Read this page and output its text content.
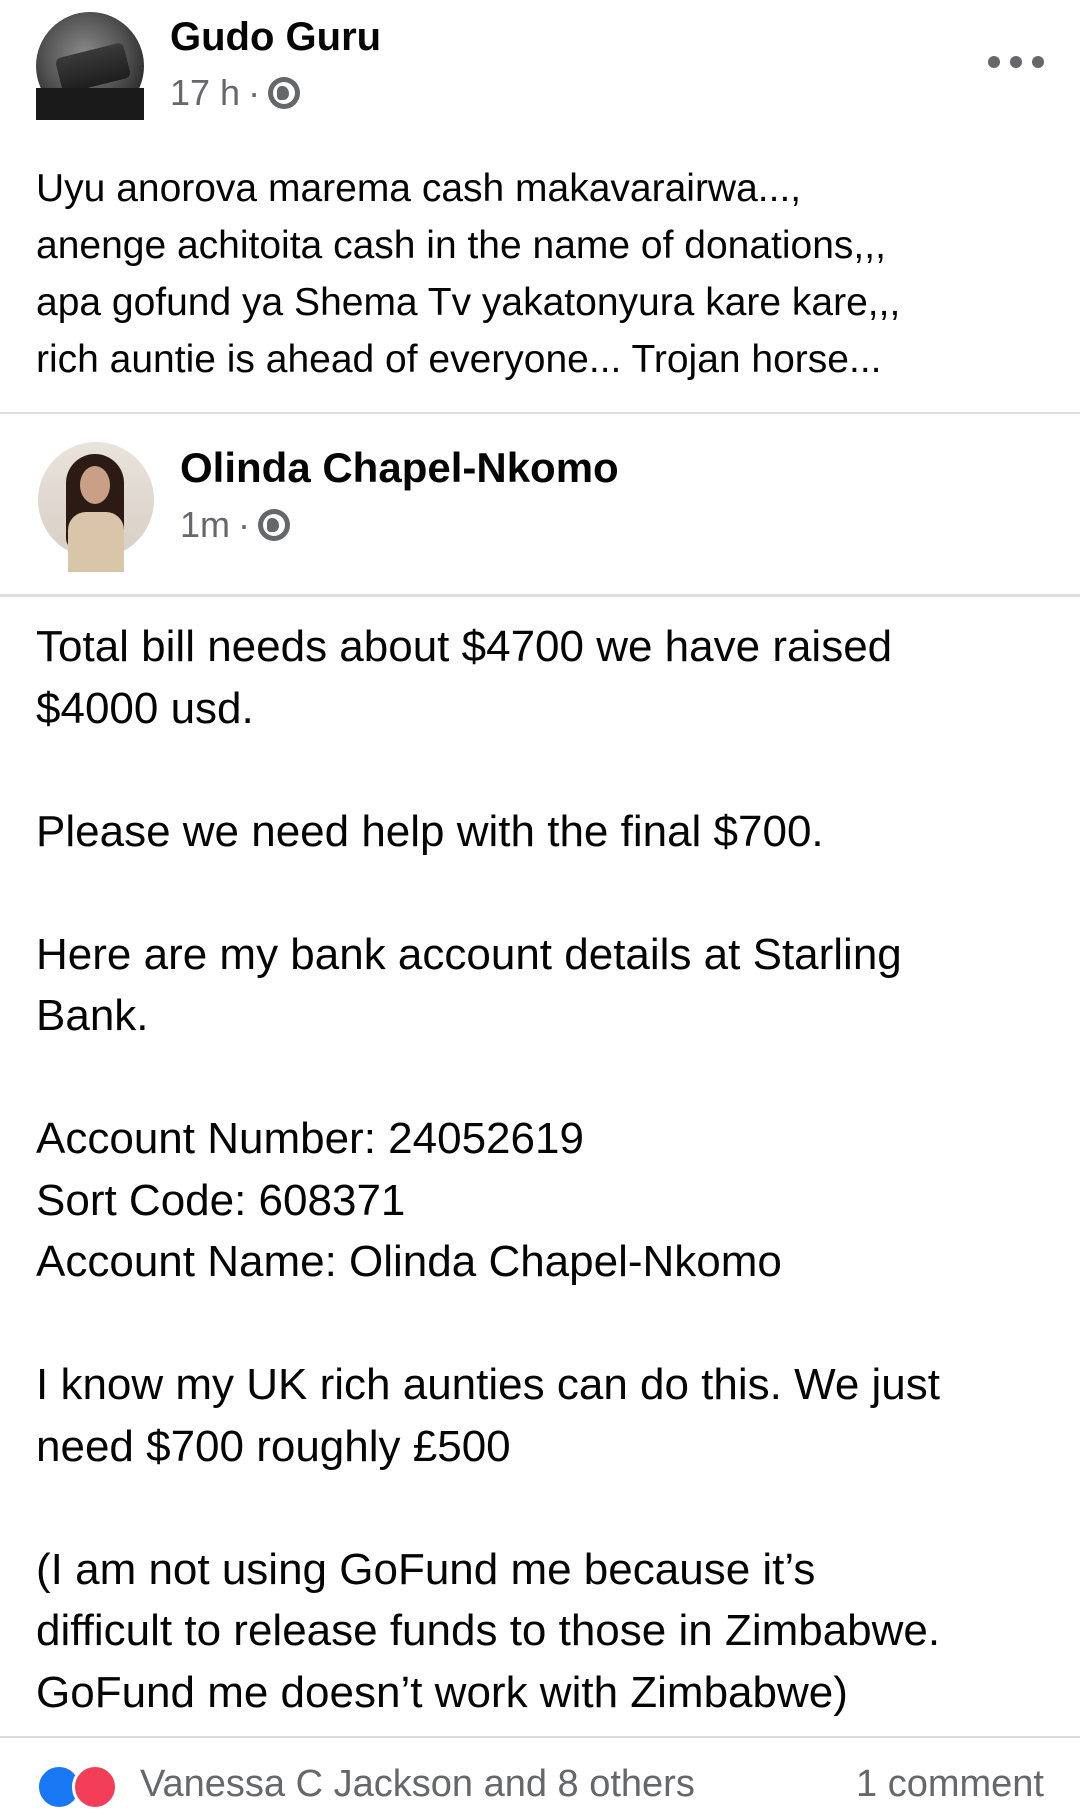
Gudo Guru
17 h ·

Uyu anorova marema cash makavarairwa...,
anenge achitoita cash in the name of donations,,,
apa gofund ya Shema Tv yakatonyura kare kare,,,
rich auntie is ahead of everyone... Trojan horse...

Olinda Chapel-Nkomo
1m ·

Total bill needs about $4700 we have raised
$4000 usd.

Please we need help with the final $700.

Here are my bank account details at Starling
Bank.

Account Number: 24052619
Sort Code: 608371
Account Name: Olinda Chapel-Nkomo

I know my UK rich aunties can do this. We just
need $700 roughly £500

(I am not using GoFund me because it’s
difficult to release funds to those in Zimbabwe.
GoFund me doesn’t work with Zimbabwe)

Vanessa C Jackson and 8 others	1 comment
